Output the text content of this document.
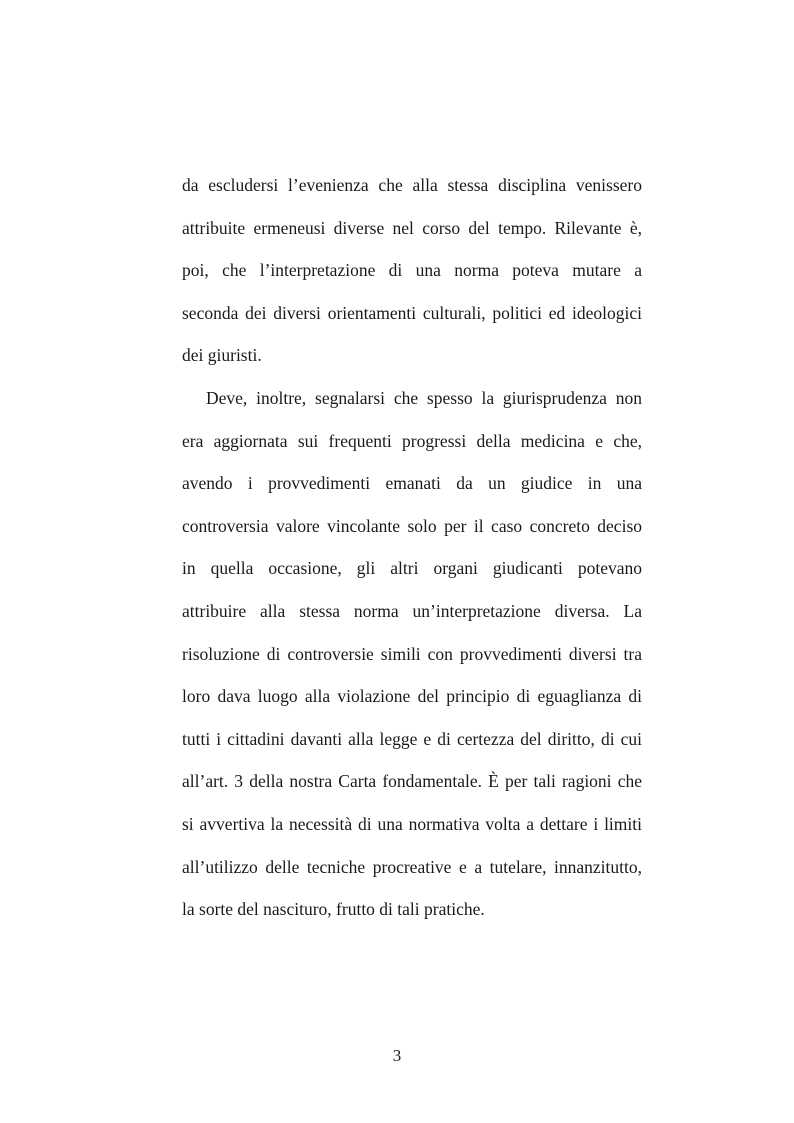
da escludersi l’evenienza che alla stessa disciplina venissero
attribuite ermeneusi diverse nel corso del tempo. Rilevante è,
poi, che l’interpretazione di una norma poteva mutare a
seconda dei diversi orientamenti culturali, politici ed ideologici
dei giuristi.
Deve, inoltre, segnalarsi che spesso la giurisprudenza non
era aggiornata sui frequenti progressi della medicina e che,
avendo i provvedimenti emanati da un giudice in una
controversia valore vincolante solo per il caso concreto deciso
in quella occasione, gli altri organi giudicanti potevano
attribuire alla stessa norma un’interpretazione diversa. La
risoluzione di controversie simili con provvedimenti diversi tra
loro dava luogo alla violazione del principio di eguaglianza di
tutti i cittadini davanti alla legge e di certezza del diritto, di cui
all’art. 3 della nostra Carta fondamentale. È per tali ragioni che
si avvertiva la necessità di una normativa volta a dettare i limiti
all’utilizzo delle tecniche procreative e a tutelare, innanzitutto,
la sorte del nascituro, frutto di tali pratiche.
3
